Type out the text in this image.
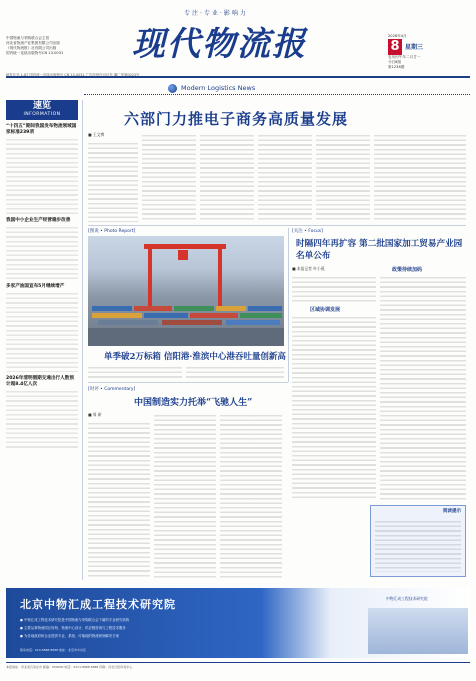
专注·专业·影响力
中国物流与采购联合会主管
河北省物流产业集团有限公司出版
《现代物流报》社有限公司出版
国内统一连续出版物号CN 13-0031	现代物流报	2026年4月
8 星期三
农历丙午年二月廿一
今日8版
第1236期
邮发代号 1-87 国内统一连续出版物号 CN 13-0031 广告经营许可证号 冀广发第0023号
Modern Logistics News
速览
INFORMATION
“十四五”期间我国发布物流领域国家标准239项
我国中小企业生产经营稳步改善
多家产油国宣布5月继续增产
2026年清明假期交通出行人数预计超8.4亿人次
六部门力推电子商务高质量发展
■ 王文博
[图说 • Photo Report]
单季破2万标箱 信阳港·淮滨中心港吞吐量创新高
[关注 • Focus]
时隔四年再扩容 第二批国家加工贸易产业园名单公布
■ 本报记者 叶小燕	政策待续加码
区域协调发展
[时评 • Commentary]
中国制造实力托举“飞驰人生”
■ 周 新
阅读提示
北京中物汇成工程技术研究院
● 中物汇成工程技术研究院是中国物流与采购联合会下属的专业研究机构
● 主要从事物流园区规划、物流中心设计、供应链咨询与工程技术服务
● 为各地政府和企业提供专业、系统、可落地的物流规划解决方案
中物汇成工程技术研究院
联系电话：010-8888 8888 地址：北京市丰台区
本报地址：河北省石家庄市 邮编：050000 电话：0311-8888 8888 印刷：河北日报印务中心
